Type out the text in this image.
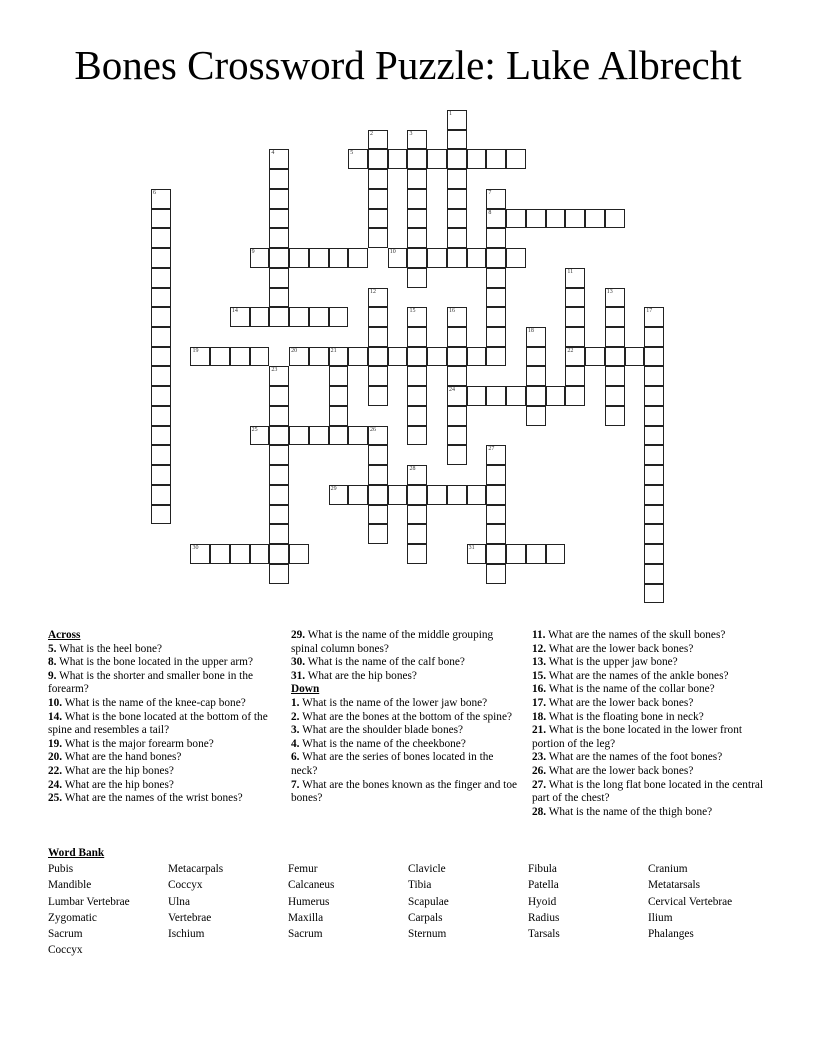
Bones Crossword Puzzle: Luke Albrecht
1
2	3
4	5
6	7
8
9	10
11
22
12	13
14	15	16
24
17
18
19	20	21
23
25	26
27
28
29
30	31
Across
5. What is the heel bone?
8. What is the bone located in the upper arm?
9. What is the shorter and smaller bone in the forearm?
10. What is the name of the knee-cap bone?
14. What is the bone located at the bottom of the spine and resembles a tail?
19. What is the major forearm bone?
20. What are the hand bones?
22. What are the hip bones?
24. What are the hip bones?
25. What are the names of the wrist bones?
29. What is the name of the middle grouping spinal column bones?
30. What is the name of the calf bone?
31. What are the hip bones?
Down
1. What is the name of the lower jaw bone?
2. What are the bones at the bottom of the spine?
3. What are the shoulder blade bones?
4. What is the name of the cheekbone?
6. What are the series of bones located in the neck?
7. What are the bones known as the finger and toe bones?
11. What are the names of the skull bones?
12. What are the lower back bones?
13. What is the upper jaw bone?
15. What are the names of the ankle bones?
16. What is the name of the collar bone?
17. What are the lower back bones?
18. What is the floating bone in neck?
21. What is the bone located in the lower front portion of the leg?
23. What are the names of the foot bones?
26. What are the lower back bones?
27. What is the long flat bone located in the central part of the chest?
28. What is the name of the thigh bone?
Word Bank
Pubis	Metacarpals	Femur	Clavicle	Fibula	Cranium
Mandible	Coccyx	Calcaneus	Tibia	Patella	Metatarsals
Lumbar Vertebrae	Ulna	Humerus	Scapulae	Hyoid	Cervical Vertebrae
Zygomatic	Vertebrae	Maxilla	Carpals	Radius	Ilium
Sacrum	Ischium	Sacrum	Sternum	Tarsals	Phalanges
Coccyx
